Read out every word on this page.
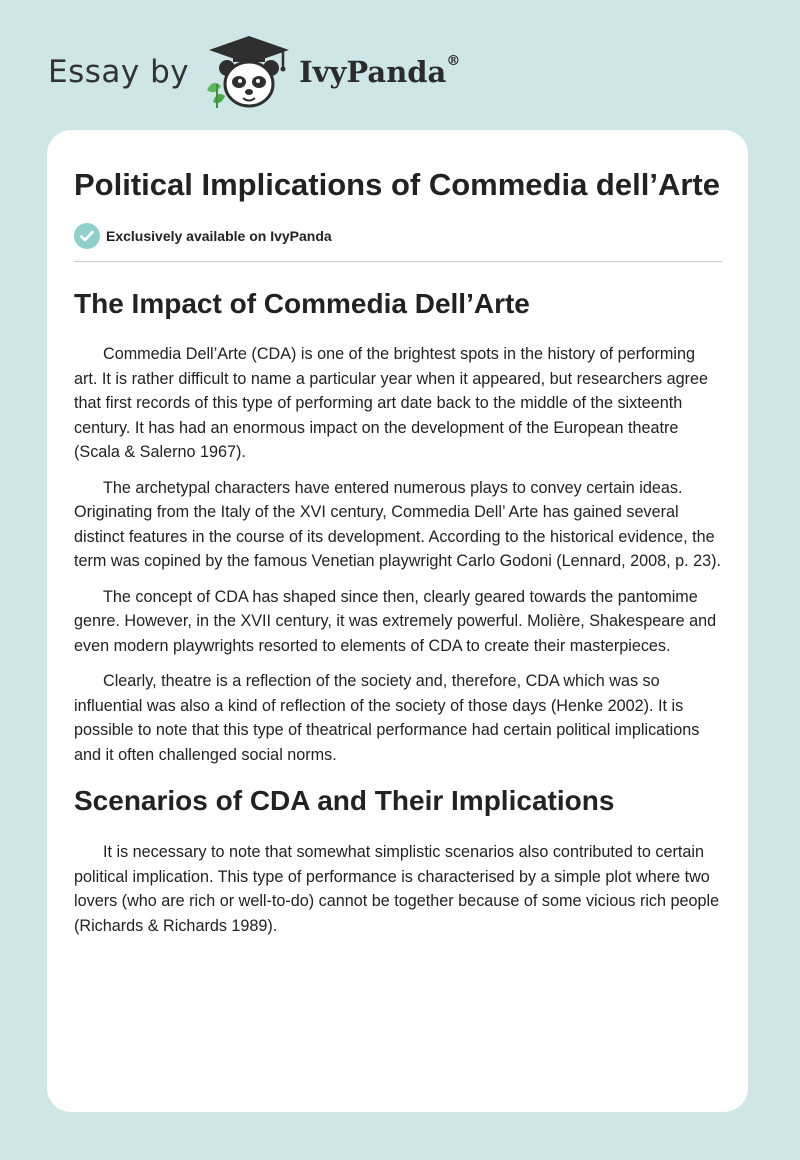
Essay by	IvyPanda®
Political Implications of Commedia dell’Arte
Exclusively available on IvyPanda
The Impact of Commedia Dell’Arte

Commedia Dell’Arte (CDA) is one of the brightest spots in the history of performing art. It is rather difficult to name a particular year when it appeared, but researchers agree that first records of this type of performing art date back to the middle of the sixteenth century. It has had an enormous impact on the development of the European theatre (Scala & Salerno 1967).

The archetypal characters have entered numerous plays to convey certain ideas. Originating from the Italy of the XVI century, Commedia Dell’ Arte has gained several distinct features in the course of its development. According to the historical evidence, the term was copined by the famous Venetian playwright Carlo Godoni (Lennard, 2008, p. 23).

The concept of CDA has shaped since then, clearly geared towards the pantomime genre. However, in the XVII century, it was extremely powerful. Molière, Shakespeare and even modern playwrights resorted to elements of CDA to create their masterpieces.

Clearly, theatre is a reflection of the society and, therefore, CDA which was so influential was also a kind of reflection of the society of those days (Henke 2002). It is possible to note that this type of theatrical performance had certain political implications and it often challenged social norms.

Scenarios of CDA and Their Implications

It is necessary to note that somewhat simplistic scenarios also contributed to certain political implication. This type of performance is characterised by a simple plot where two lovers (who are rich or well-to-do) cannot be together because of some vicious rich people (Richards & Richards 1989).
